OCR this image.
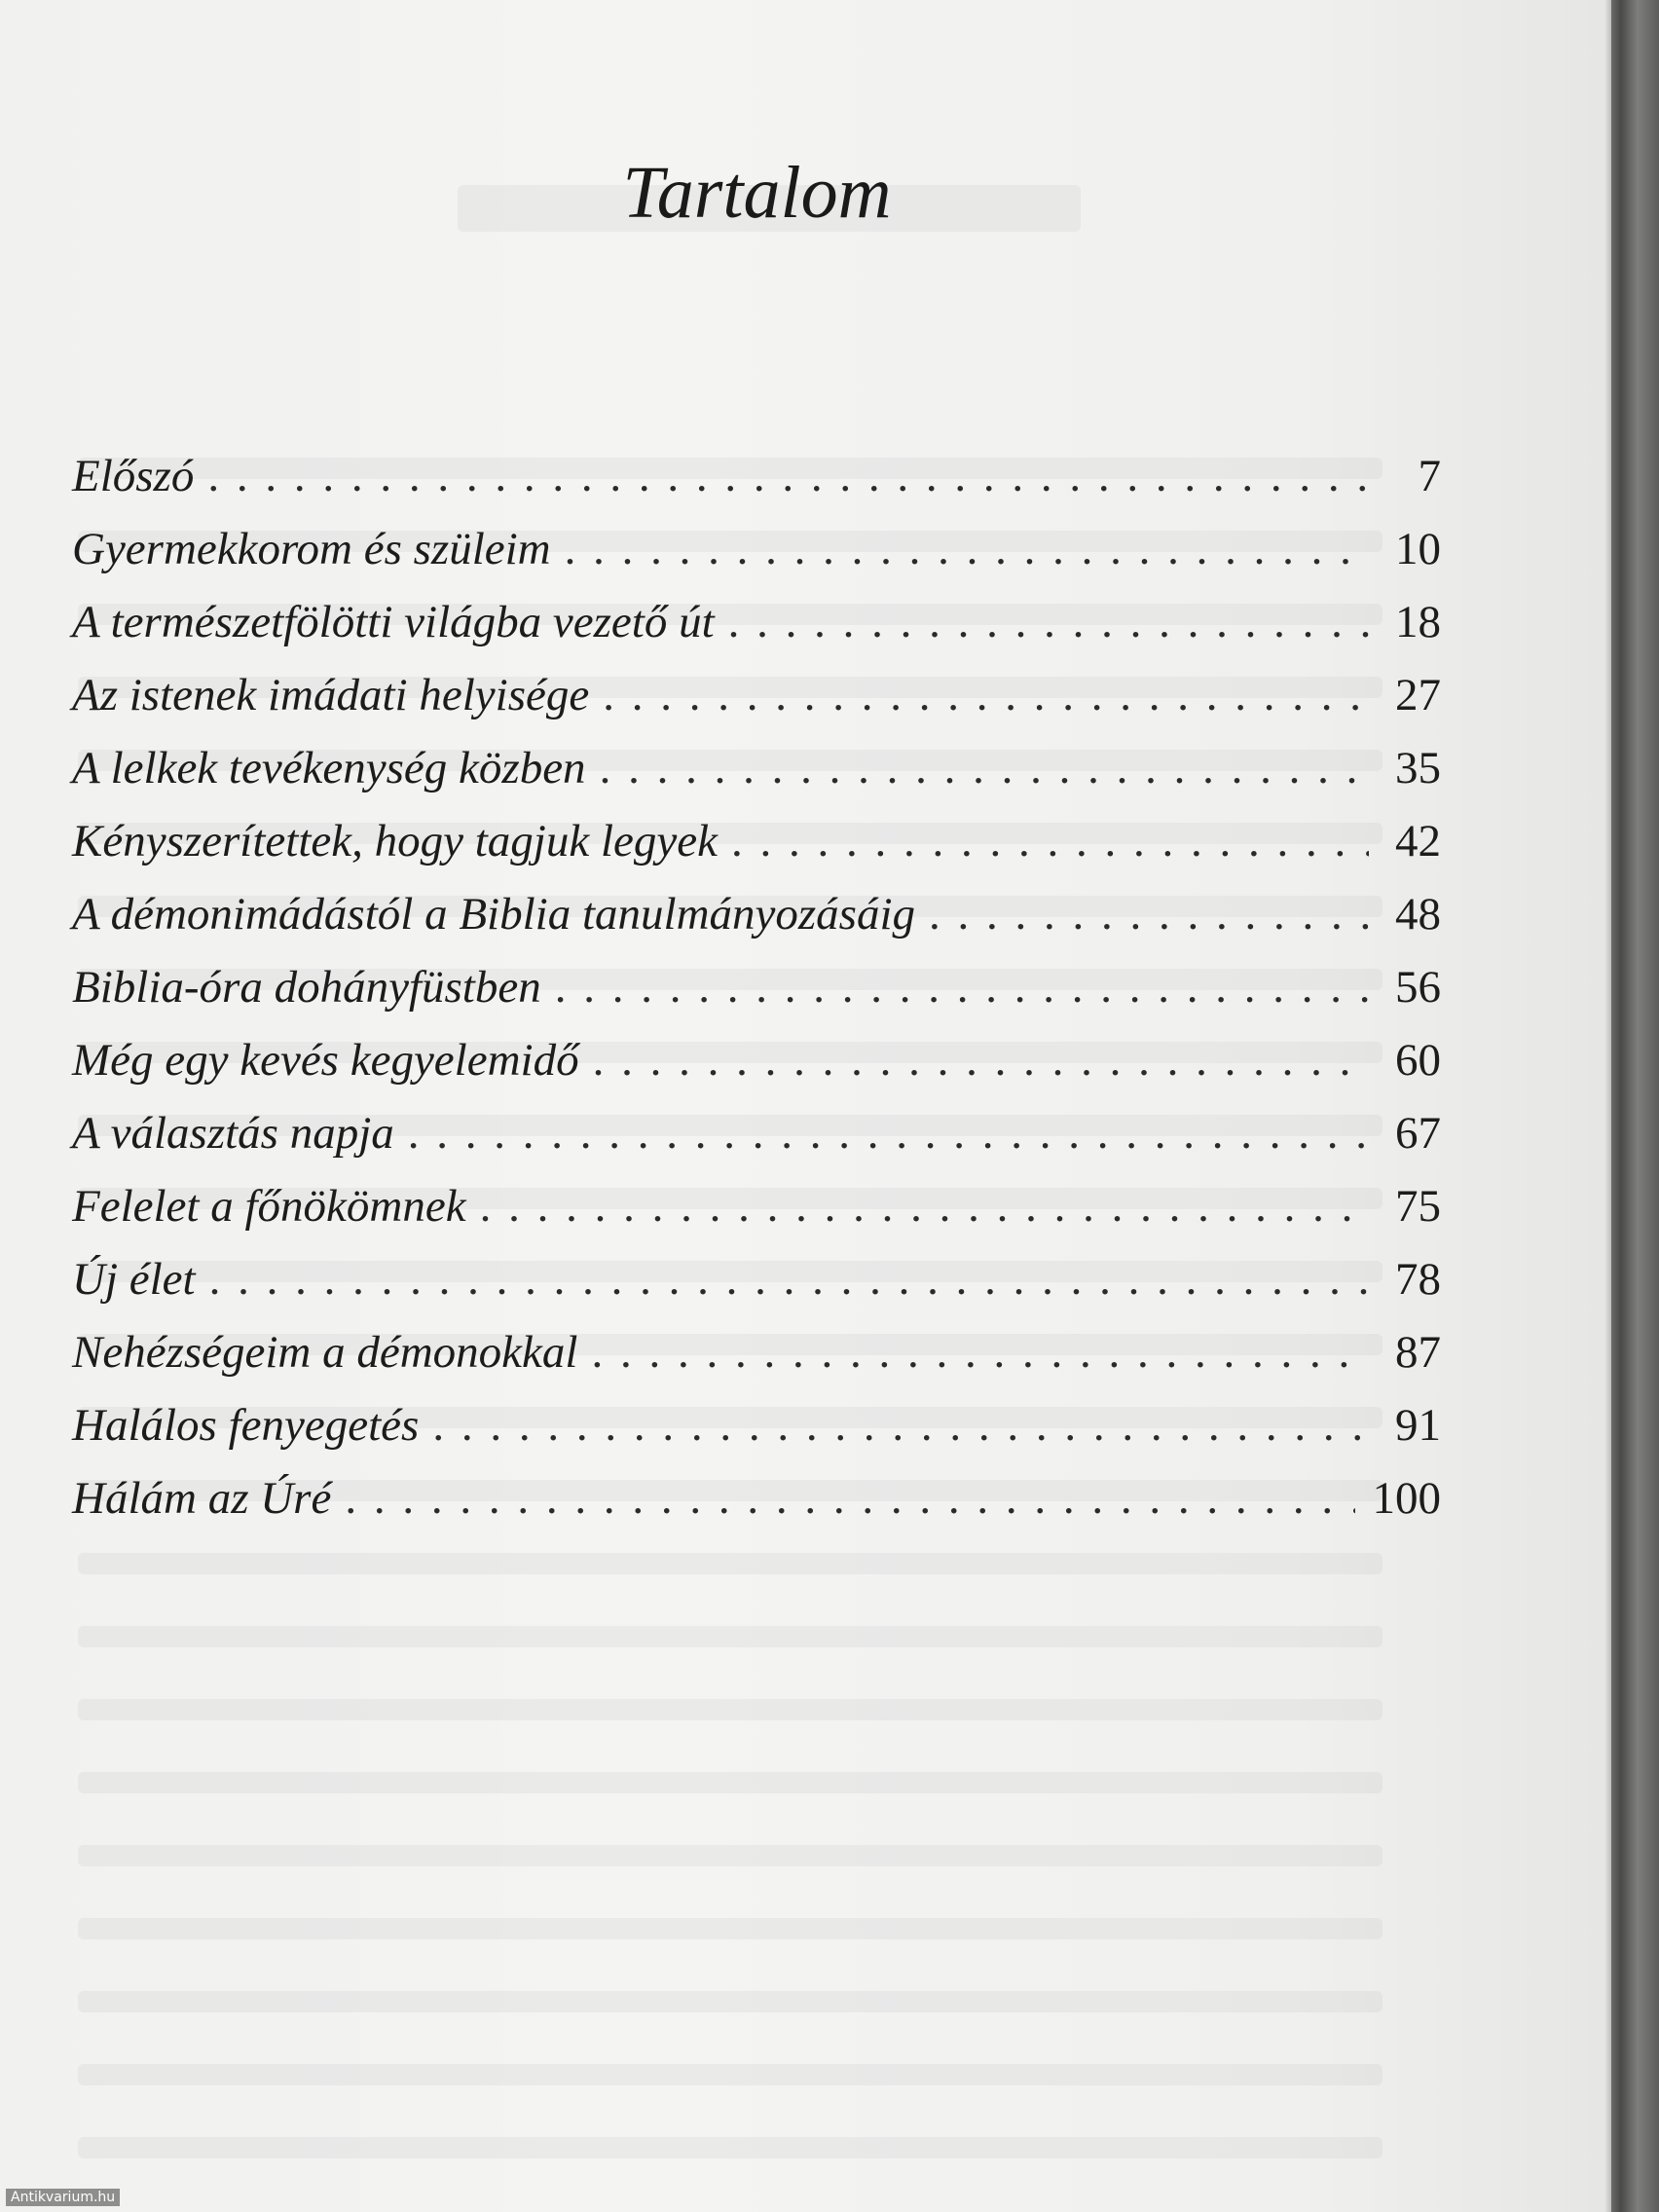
Tartalom
Előszó . . .	7
Gyermekkorom és szüleim . . .	10
A természetfölötti világba vezető út . . .	18
Az istenek imádati helyisége . . .	27
A lelkek tevékenység közben . . .	35
Kényszerítettek, hogy tagjuk legyek . . .	42
A démonimádástól a Biblia tanulmányozásáig . . .	48
Biblia-óra dohányfüstben . . .	56
Még egy kevés kegyelemidő . . .	60
A választás napja . . .	67
Felelet a főnökömnek . . .	75
Új élet . . .	78
Nehézségeim a démonokkal . . .	87
Halálos fenyegetés . . .	91
Hálám az Úré . . .	100
Antikvarium.hu
